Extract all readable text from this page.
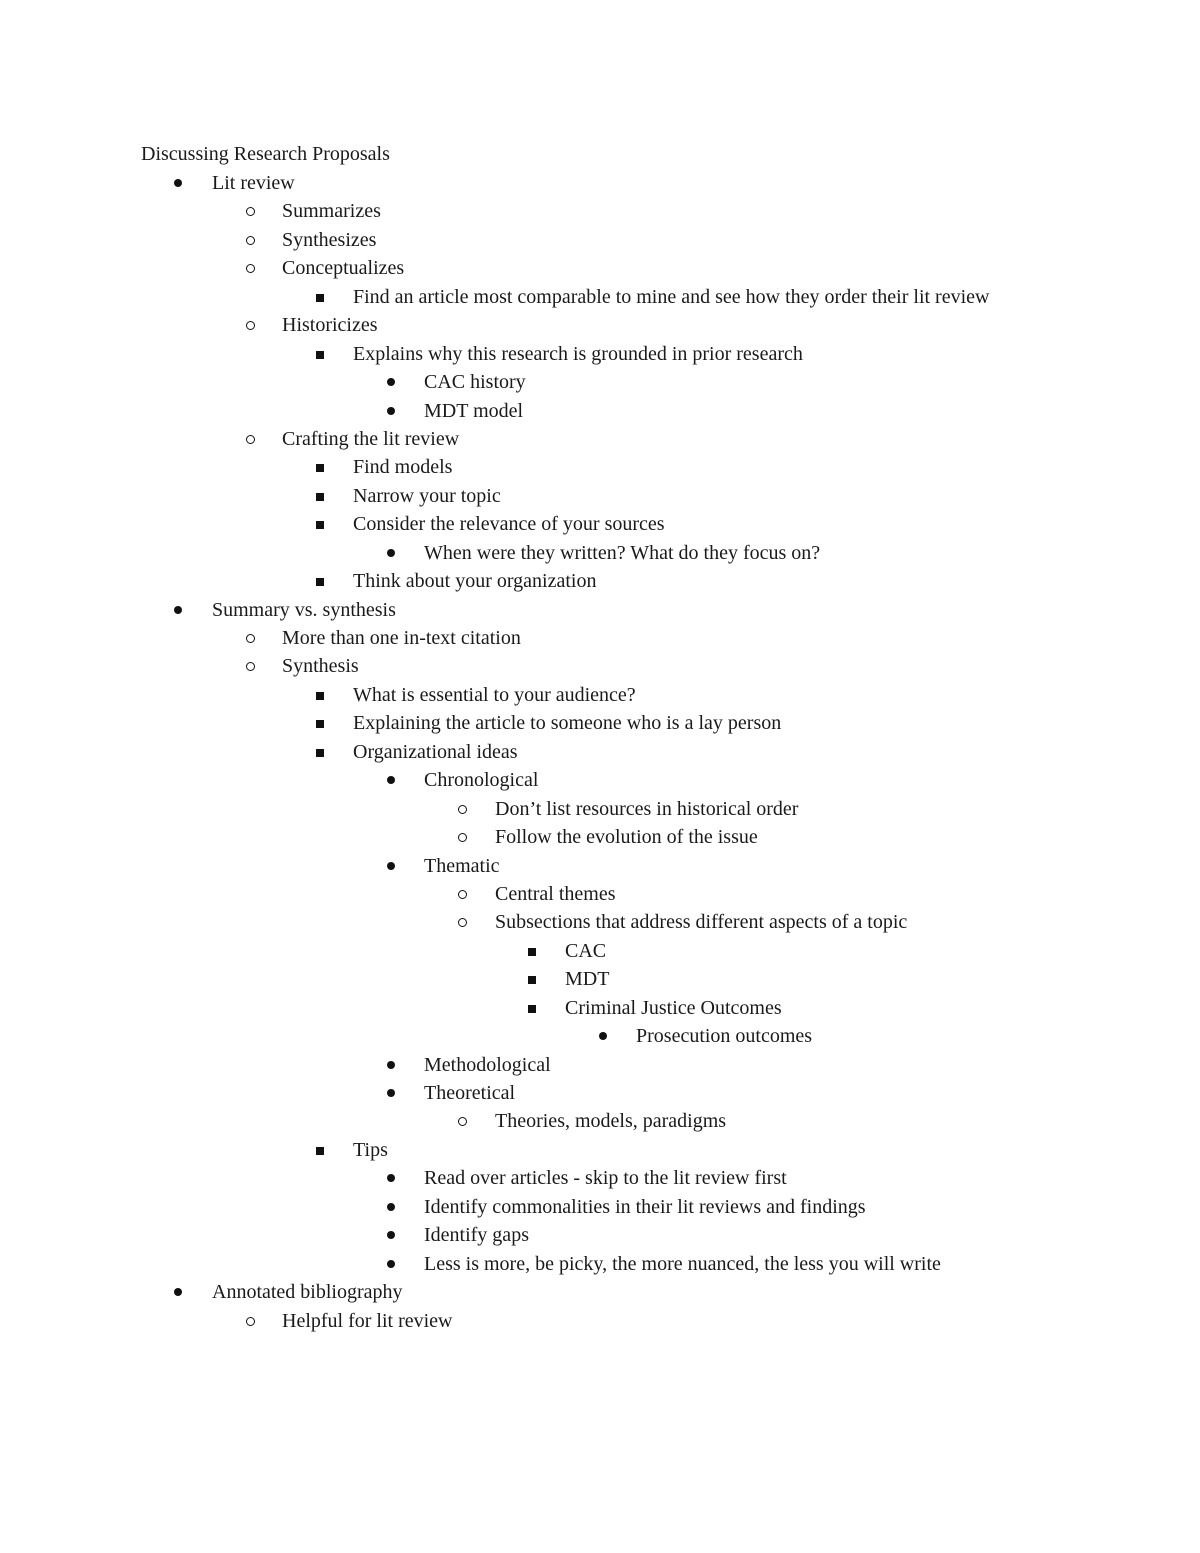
Discussing Research Proposals
Lit review
Summarizes
Synthesizes
Conceptualizes
Find an article most comparable to mine and see how they order their lit review
Historicizes
Explains why this research is grounded in prior research
CAC history
MDT model
Crafting the lit review
Find models
Narrow your topic
Consider the relevance of your sources
When were they written? What do they focus on?
Think about your organization
Summary vs. synthesis
More than one in-text citation
Synthesis
What is essential to your audience?
Explaining the article to someone who is a lay person
Organizational ideas
Chronological
Don’t list resources in historical order
Follow the evolution of the issue
Thematic
Central themes
Subsections that address different aspects of a topic
CAC
MDT
Criminal Justice Outcomes
Prosecution outcomes
Methodological
Theoretical
Theories, models, paradigms
Tips
Read over articles - skip to the lit review first
Identify commonalities in their lit reviews and findings
Identify gaps
Less is more, be picky, the more nuanced, the less you will write
Annotated bibliography
Helpful for lit review
